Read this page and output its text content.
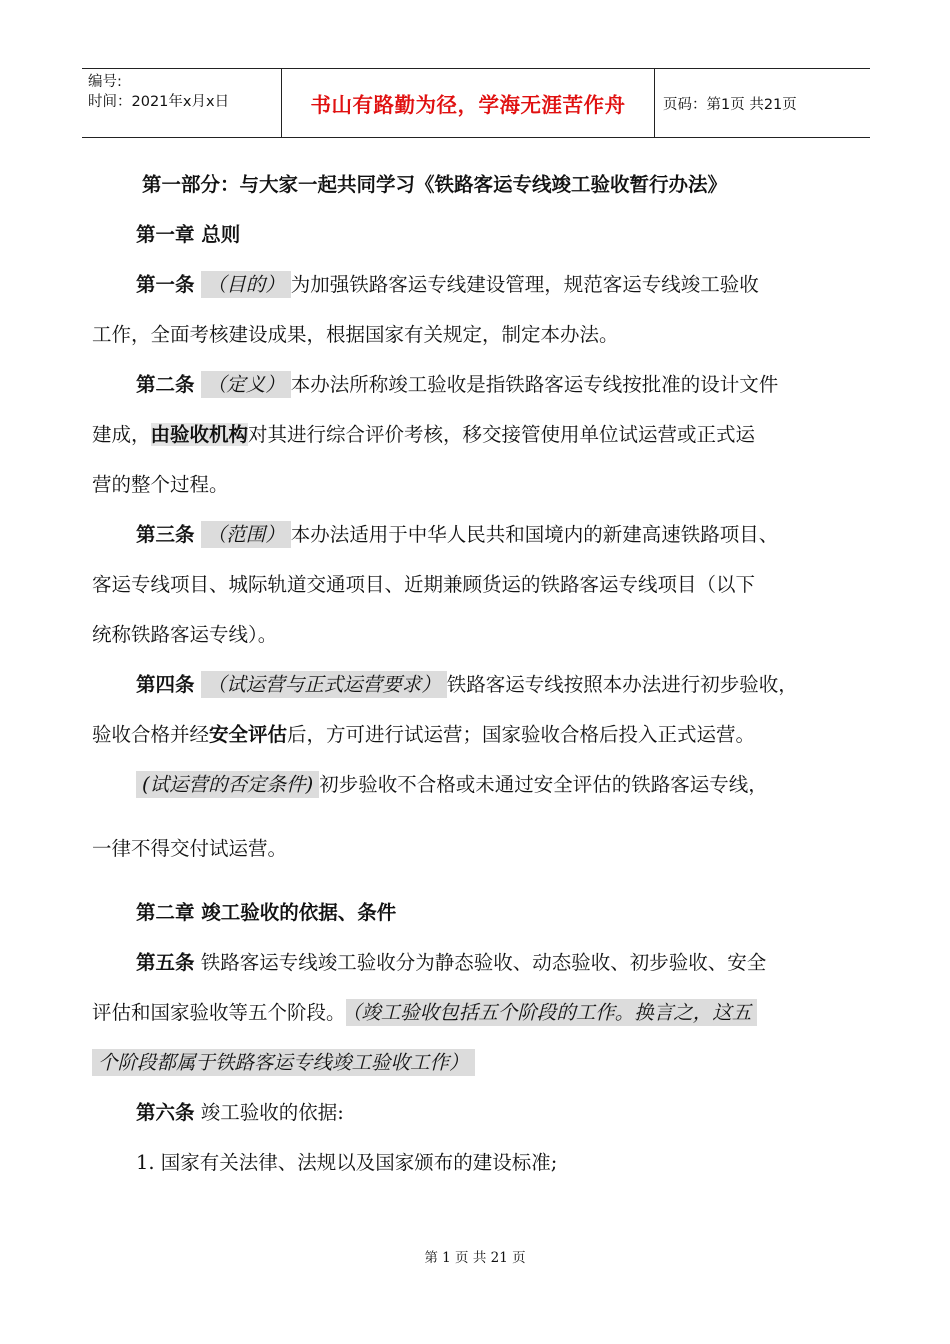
编号:
时间：2021年x月x日	书山有路勤为径，学海无涯苦作舟	页码：第1页 共21页
第一部分：与大家一起共同学习《铁路客运专线竣工验收暂行办法》
第一章 总则
第一条 （目的） 为加强铁路客运专线建设管理，规范客运专线竣工验收
工作，全面考核建设成果，根据国家有关规定，制定本办法。
第二条 （定义） 本办法所称竣工验收是指铁路客运专线按批准的设计文件
建成，由验收机构对其进行综合评价考核，移交接管使用单位试运营或正式运
营的整个过程。
第三条 （范围） 本办法适用于中华人民共和国境内的新建高速铁路项目、
客运专线项目、城际轨道交通项目、近期兼顾货运的铁路客运专线项目（以下
统称铁路客运专线）。
第四条 （试运营与正式运营要求） 铁路客运专线按照本办法进行初步验收，
验收合格并经安全评估后，方可进行试运营；国家验收合格后投入正式运营。
(试运营的否定条件) 初步验收不合格或未通过安全评估的铁路客运专线，
一律不得交付试运营。
第二章 竣工验收的依据、条件
第五条 铁路客运专线竣工验收分为静态验收、动态验收、初步验收、安全
评估和国家验收等五个阶段。 （竣工验收包括五个阶段的工作。换言之，这五
个阶段都属于铁路客运专线竣工验收工作）
第六条 竣工验收的依据:
1. 国家有关法律、法规以及国家颁布的建设标准;
第 1 页 共 21 页
